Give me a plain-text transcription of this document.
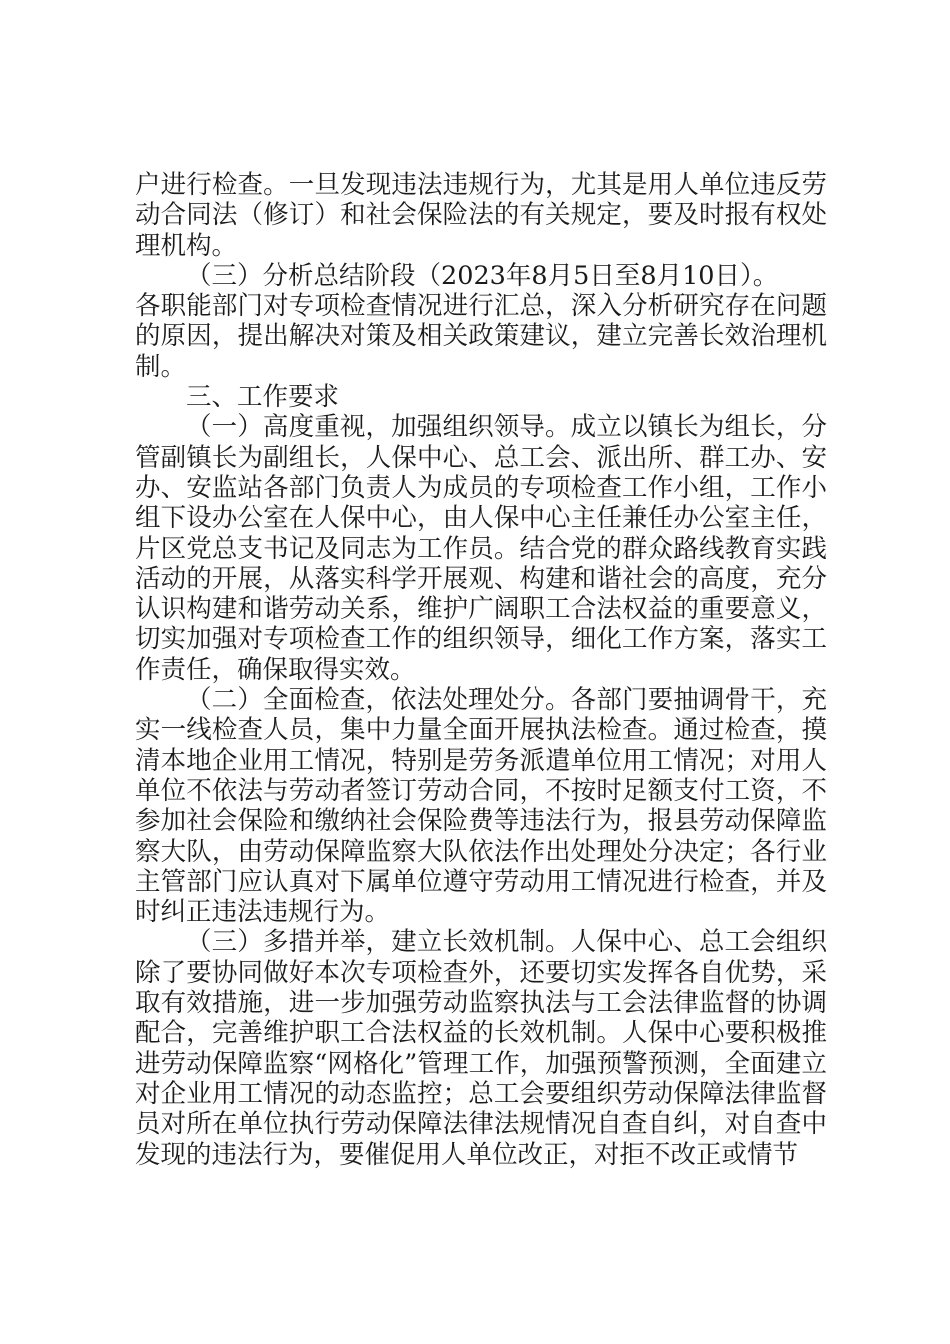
户进行检查。一旦发现违法违规行为，尤其是用人单位违反劳动合同法（修订）和社会保险法的有关规定，要及时报有权处理机构。

（三）分析总结阶段（2023年8月5日至8月10日）。

各职能部门对专项检查情况进行汇总，深入分析研究存在问题的原因，提出解决对策及相关政策建议，建立完善长效治理机制。

三、工作要求

（一）高度重视，加强组织领导。成立以镇长为组长，分管副镇长为副组长，人保中心、总工会、派出所、群工办、安办、安监站各部门负责人为成员的专项检查工作小组，工作小组下设办公室在人保中心，由人保中心主任兼任办公室主任，片区党总支书记及同志为工作员。结合党的群众路线教育实践活动的开展，从落实科学开展观、构建和谐社会的高度，充分认识构建和谐劳动关系，维护广阔职工合法权益的重要意义，切实加强对专项检查工作的组织领导，细化工作方案，落实工作责任，确保取得实效。

（二）全面检查，依法处理处分。各部门要抽调骨干，充实一线检查人员，集中力量全面开展执法检查。通过检查，摸清本地企业用工情况，特别是劳务派遣单位用工情况；对用人单位不依法与劳动者签订劳动合同，不按时足额支付工资，不参加社会保险和缴纳社会保险费等违法行为，报县劳动保障监察大队，由劳动保障监察大队依法作出处理处分决定；各行业主管部门应认真对下属单位遵守劳动用工情况进行检查，并及时纠正违法违规行为。

（三）多措并举，建立长效机制。人保中心、总工会组织除了要协同做好本次专项检查外，还要切实发挥各自优势，采取有效措施，进一步加强劳动监察执法与工会法律监督的协调配合，完善维护职工合法权益的长效机制。人保中心要积极推进劳动保障监察“网格化”管理工作，加强预警预测，全面建立对企业用工情况的动态监控；总工会要组织劳动保障法律监督员对所在单位执行劳动保障法律法规情况自查自纠，对自查中发现的违法行为，要催促用人单位改正，对拒不改正或情节
